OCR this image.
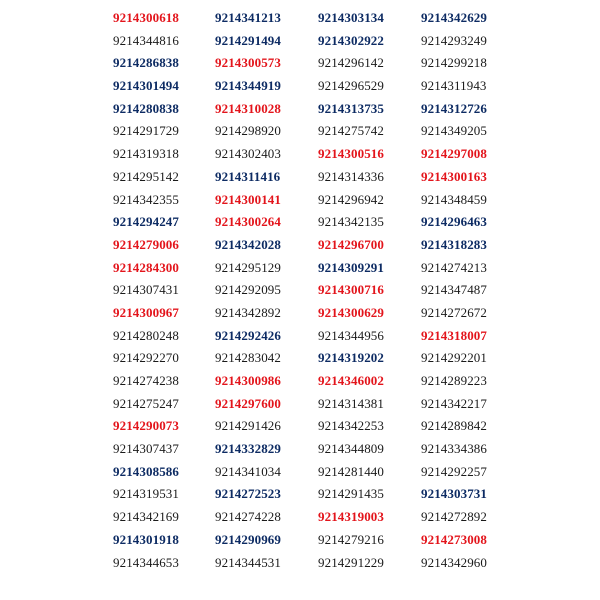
9214300618
9214344816
9214286838
9214301494
9214280838
9214291729
9214319318
9214295142
9214342355
9214294247
9214279006
9214284300
9214307431
9214300967
9214280248
9214292270
9214274238
9214275247
9214290073
9214307437
9214308586
9214319531
9214342169
9214301918
9214344653
9214341213
9214291494
9214300573
9214344919
9214310028
9214298920
9214302403
9214311416
9214300141
9214300264
9214342028
9214295129
9214292095
9214342892
9214292426
9214283042
9214300986
9214297600
9214291426
9214332829
9214341034
9214272523
9214274228
9214290969
9214344531
9214303134
9214302922
9214296142
9214296529
9214313735
9214275742
9214300516
9214314336
9214296942
9214342135
9214296700
9214309291
9214300716
9214300629
9214344956
9214319202
9214346002
9214314381
9214342253
9214344809
9214281440
9214291435
9214319003
9214279216
9214291229
9214342629
9214293249
9214299218
9214311943
9214312726
9214349205
9214297008
9214300163
9214348459
9214296463
9214318283
9214274213
9214347487
9214272672
9214318007
9214292201
9214289223
9214342217
9214289842
9214334386
9214292257
9214303731
9214272892
9214273008
9214342960
